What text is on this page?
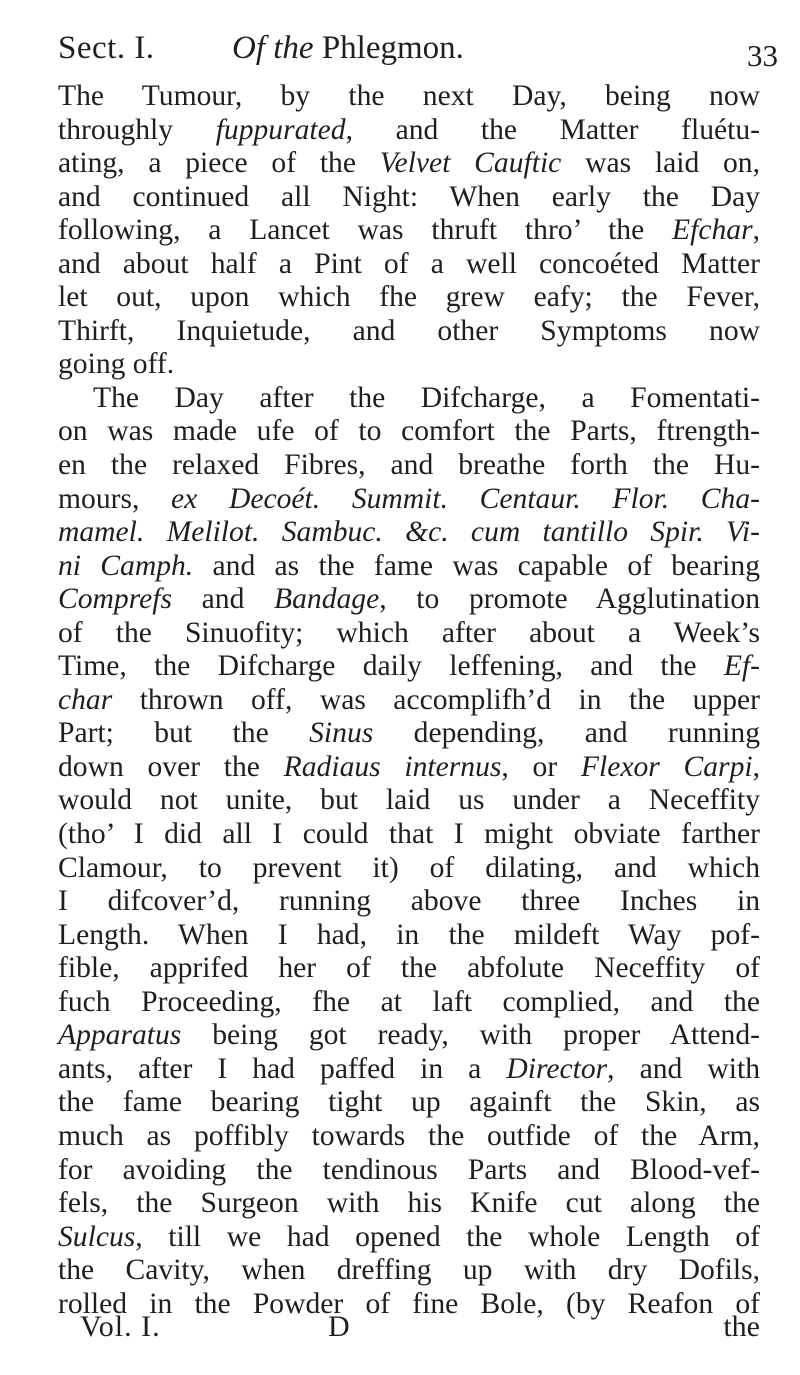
Sect. I. Of the Phlegmon.	33
The Tumour, by the next Day, being now
throughly fuppurated, and the Matter fluétu-
ating, a piece of the Velvet Cauftic was laid on,
and continued all Night: When early the Day
following, a Lancet was thruft thro’ the Efchar,
and about half a Pint of a well concoéted Matter
let out, upon which fhe grew eafy; the Fever,
Thirft, Inquietude, and other Symptoms now
going off.
The Day after the Difcharge, a Fomentati-
on was made ufe of to comfort the Parts, ftrength-
en the relaxed Fibres, and breathe forth the Hu-
mours, ex Decoét. Summit. Centaur. Flor. Cha-
mamel. Melilot. Sambuc. &c. cum tantillo Spir. Vi-
ni Camph. and as the fame was capable of bearing
Comprefs and Bandage, to promote Agglutination
of the Sinuofity; which after about a Week’s
Time, the Difcharge daily leffening, and the Ef-
char thrown off, was accomplifh’d in the upper
Part; but the Sinus depending, and running
down over the Radiaus internus, or Flexor Carpi,
would not unite, but laid us under a Neceffity
(tho’ I did all I could that I might obviate farther
Clamour, to prevent it) of dilating, and which
I difcover’d, running above three Inches in
Length. When I had, in the mildeft Way pof-
fible, apprifed her of the abfolute Neceffity of
fuch Proceeding, fhe at laft complied, and the
Apparatus being got ready, with proper Attend-
ants, after I had paffed in a Director, and with
the fame bearing tight up againft the Skin, as
much as poffibly towards the outfide of the Arm,
for avoiding the tendinous Parts and Blood-vef-
fels, the Surgeon with his Knife cut along the
Sulcus, till we had opened the whole Length of
the Cavity, when dreffing up with dry Dofils,
rolled in the Powder of fine Bole, (by Reafon of
Vol. I.	D	the
